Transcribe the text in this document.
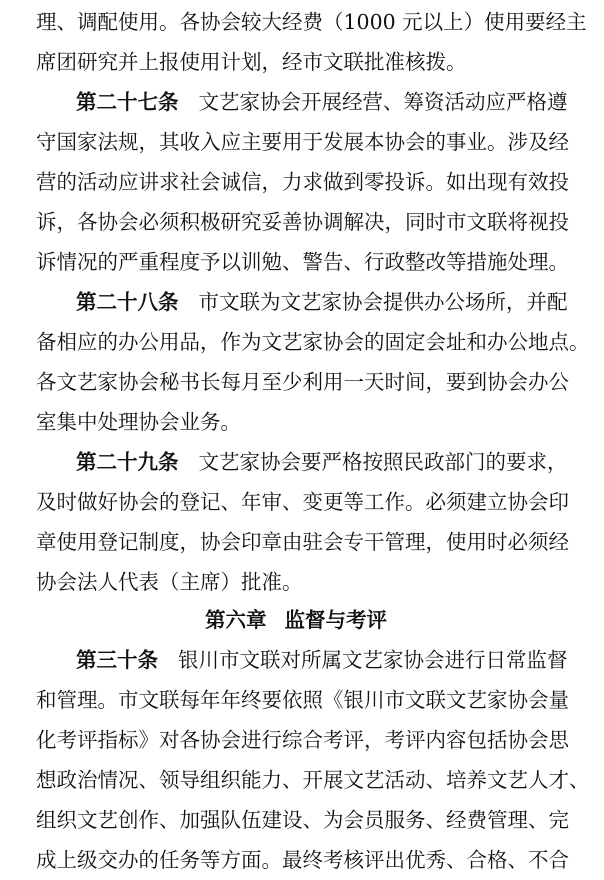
理、调配使用。各协会较大经费（1000 元以上）使用要经主
席团研究并上报使用计划，经市文联批准核拨。
第二十七条 文艺家协会开展经营、筹资活动应严格遵
守国家法规，其收入应主要用于发展本协会的事业。涉及经
营的活动应讲求社会诚信，力求做到零投诉。如出现有效投
诉，各协会必须积极研究妥善协调解决，同时市文联将视投
诉情况的严重程度予以训勉、警告、行政整改等措施处理。
第二十八条 市文联为文艺家协会提供办公场所，并配
备相应的办公用品，作为文艺家协会的固定会址和办公地点。
各文艺家协会秘书长每月至少利用一天时间，要到协会办公
室集中处理协会业务。
第二十九条 文艺家协会要严格按照民政部门的要求，
及时做好协会的登记、年审、变更等工作。必须建立协会印
章使用登记制度，协会印章由驻会专干管理，使用时必须经
协会法人代表（主席）批准。
第六章 监督与考评
第三十条 银川市文联对所属文艺家协会进行日常监督
和管理。市文联每年年终要依照《银川市文联文艺家协会量
化考评指标》对各协会进行综合考评，考评内容包括协会思
想政治情况、领导组织能力、开展文艺活动、培养文艺人才、
组织文艺创作、加强队伍建设、为会员服务、经费管理、完
成上级交办的任务等方面。最终考核评出优秀、合格、不合
